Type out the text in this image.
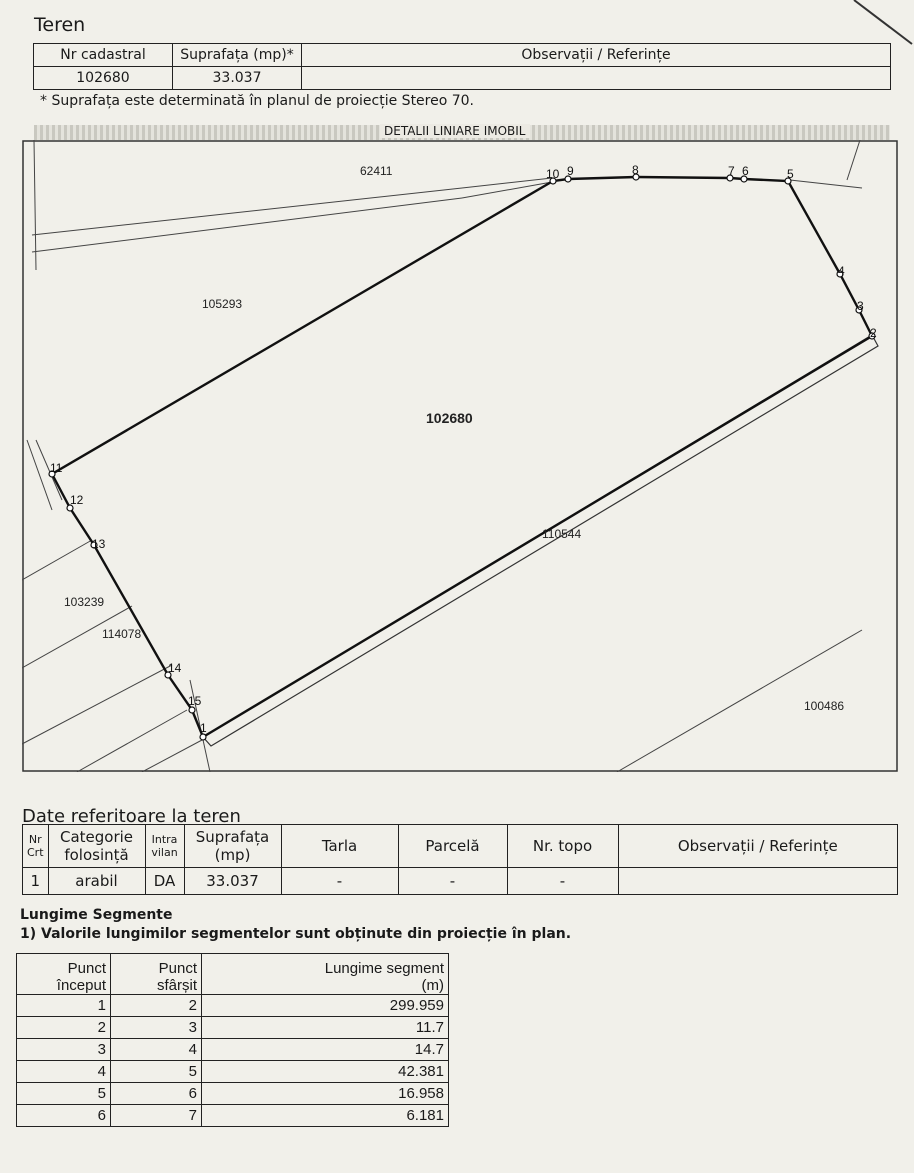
Teren
Nr cadastral	Suprafața (mp)*	Observații / Referințe
102680	33.037	
* Suprafața este determinată în planul de proiecție Stereo 70.
DETALII LINIARE IMOBIL
1
2
3
4
5
6
7
8
9
10
11
12
13
14
15
62411
105293
102680
110544
103239
114078
100486
Date referitoare la teren
Nr Crt	Categorie folosință	Intra vilan	Suprafața (mp)	Tarla	Parcelă	Nr. topo	Observații / Referințe
1	arabil	DA	33.037	-	-	-	
Lungime Segmente
1) Valorile lungimilor segmentelor sunt obținute din proiecție în plan.
Punct început	Punct sfârșit	Lungime segment
(m)
1	2	299.959
2	3	11.7
3	4	14.7
4	5	42.381
5	6	16.958
6	7	6.181
